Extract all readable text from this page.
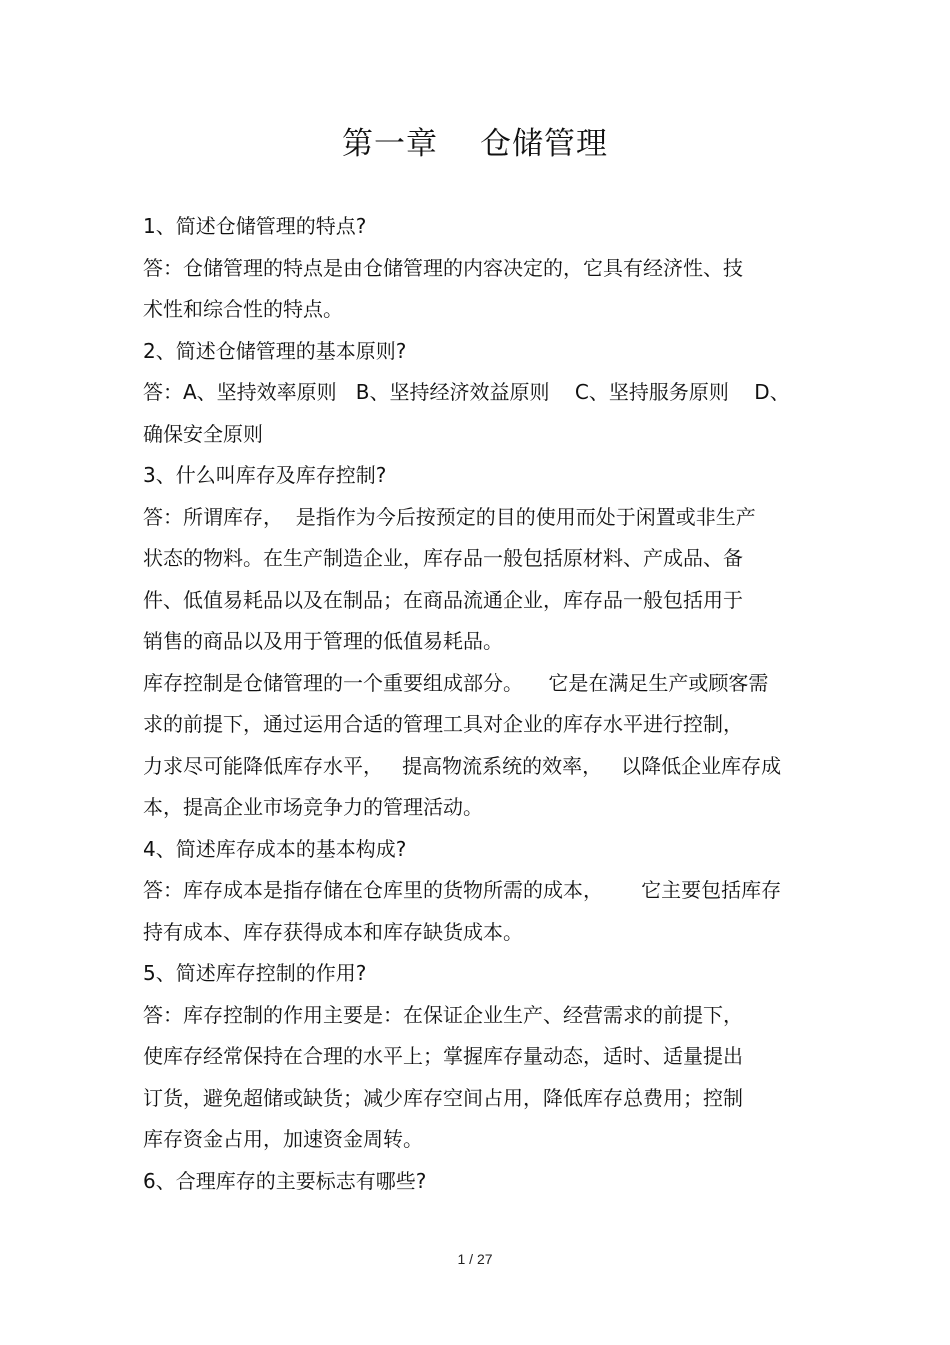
第一章 仓储管理

1、简述仓储管理的特点?

答：仓储管理的特点是由仓储管理的内容决定的，它具有经济性、技

术性和综合性的特点。

2、简述仓储管理的基本原则?

答：A、坚持效率原则   B、坚持经济效益原则    C、坚持服务原则    D、

确保安全原则

3、什么叫库存及库存控制?

答：所谓库存，  是指作为今后按预定的目的使用而处于闲置或非生产

状态的物料。在生产制造企业，库存品一般包括原材料、产成品、备

件、低值易耗品以及在制品；在商品流通企业，库存品一般包括用于

销售的商品以及用于管理的低值易耗品。

库存控制是仓储管理的一个重要组成部分。    它是在满足生产或顾客需

求的前提下，通过运用合适的管理工具对企业的库存水平进行控制，

力求尽可能降低库存水平，   提高物流系统的效率，   以降低企业库存成

本，提高企业市场竞争力的管理活动。

4、简述库存成本的基本构成?

答：库存成本是指存储在仓库里的货物所需的成本，      它主要包括库存

持有成本、库存获得成本和库存缺货成本。

5、简述库存控制的作用?

答：库存控制的作用主要是：在保证企业生产、经营需求的前提下，

使库存经常保持在合理的水平上；掌握库存量动态，适时、适量提出

订货，避免超储或缺货；减少库存空间占用，降低库存总费用；控制

库存资金占用，加速资金周转。

6、合理库存的主要标志有哪些?

1 / 27
